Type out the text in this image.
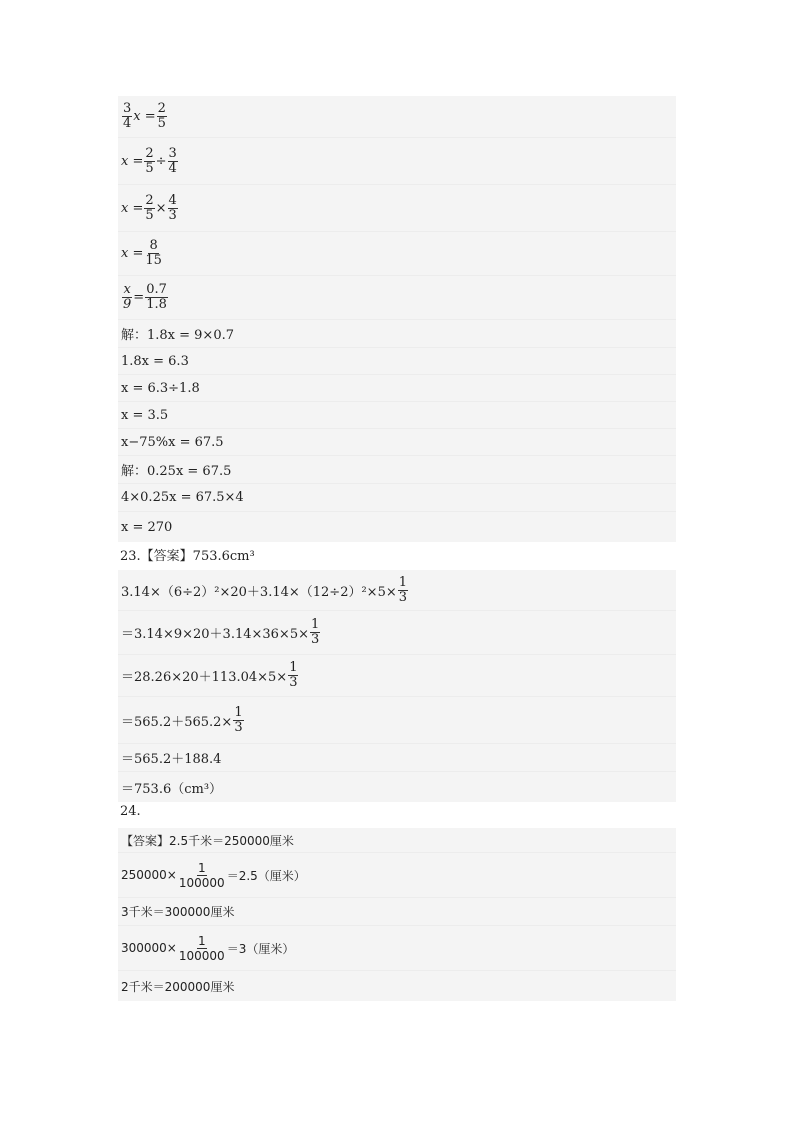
$\frac{3}{4}$ $x = \frac{2}{5}$
$x = \frac{2}{5} \div \frac{3}{4}$
$x = \frac{2}{5} \times \frac{4}{3}$
$x = \frac{8}{15}$
$\frac{x}{9} = \frac{0.7}{1.8}$
解：1.8x = 9×0.7
1.8x = 6.3
x = 6.3÷1.8
x = 3.5
x−75%x = 67.5
解：0.25x = 67.5
4×0.25x = 67.5×4
x = 270
23.【答案】753.6cm³
$3.14\times(6\div 2)^2\times 20+3.14\times(12\div 2)^2\times 5\times \frac{1}{3}$
$=3.14\times 9\times 20+3.14\times 36\times 5\times \frac{1}{3}$
$=28.26\times 20+113.04\times 5\times \frac{1}{3}$
$=565.2+565.2\times \frac{1}{3}$
＝565.2＋188.4
＝753.6（cm³）
24.
【答案】2.5千米＝250000厘米
$250000\times \frac{1}{100000} =2.5$（厘米）
3千米＝300000厘米
$300000\times \frac{1}{100000} =3$（厘米）
2千米＝200000厘米
